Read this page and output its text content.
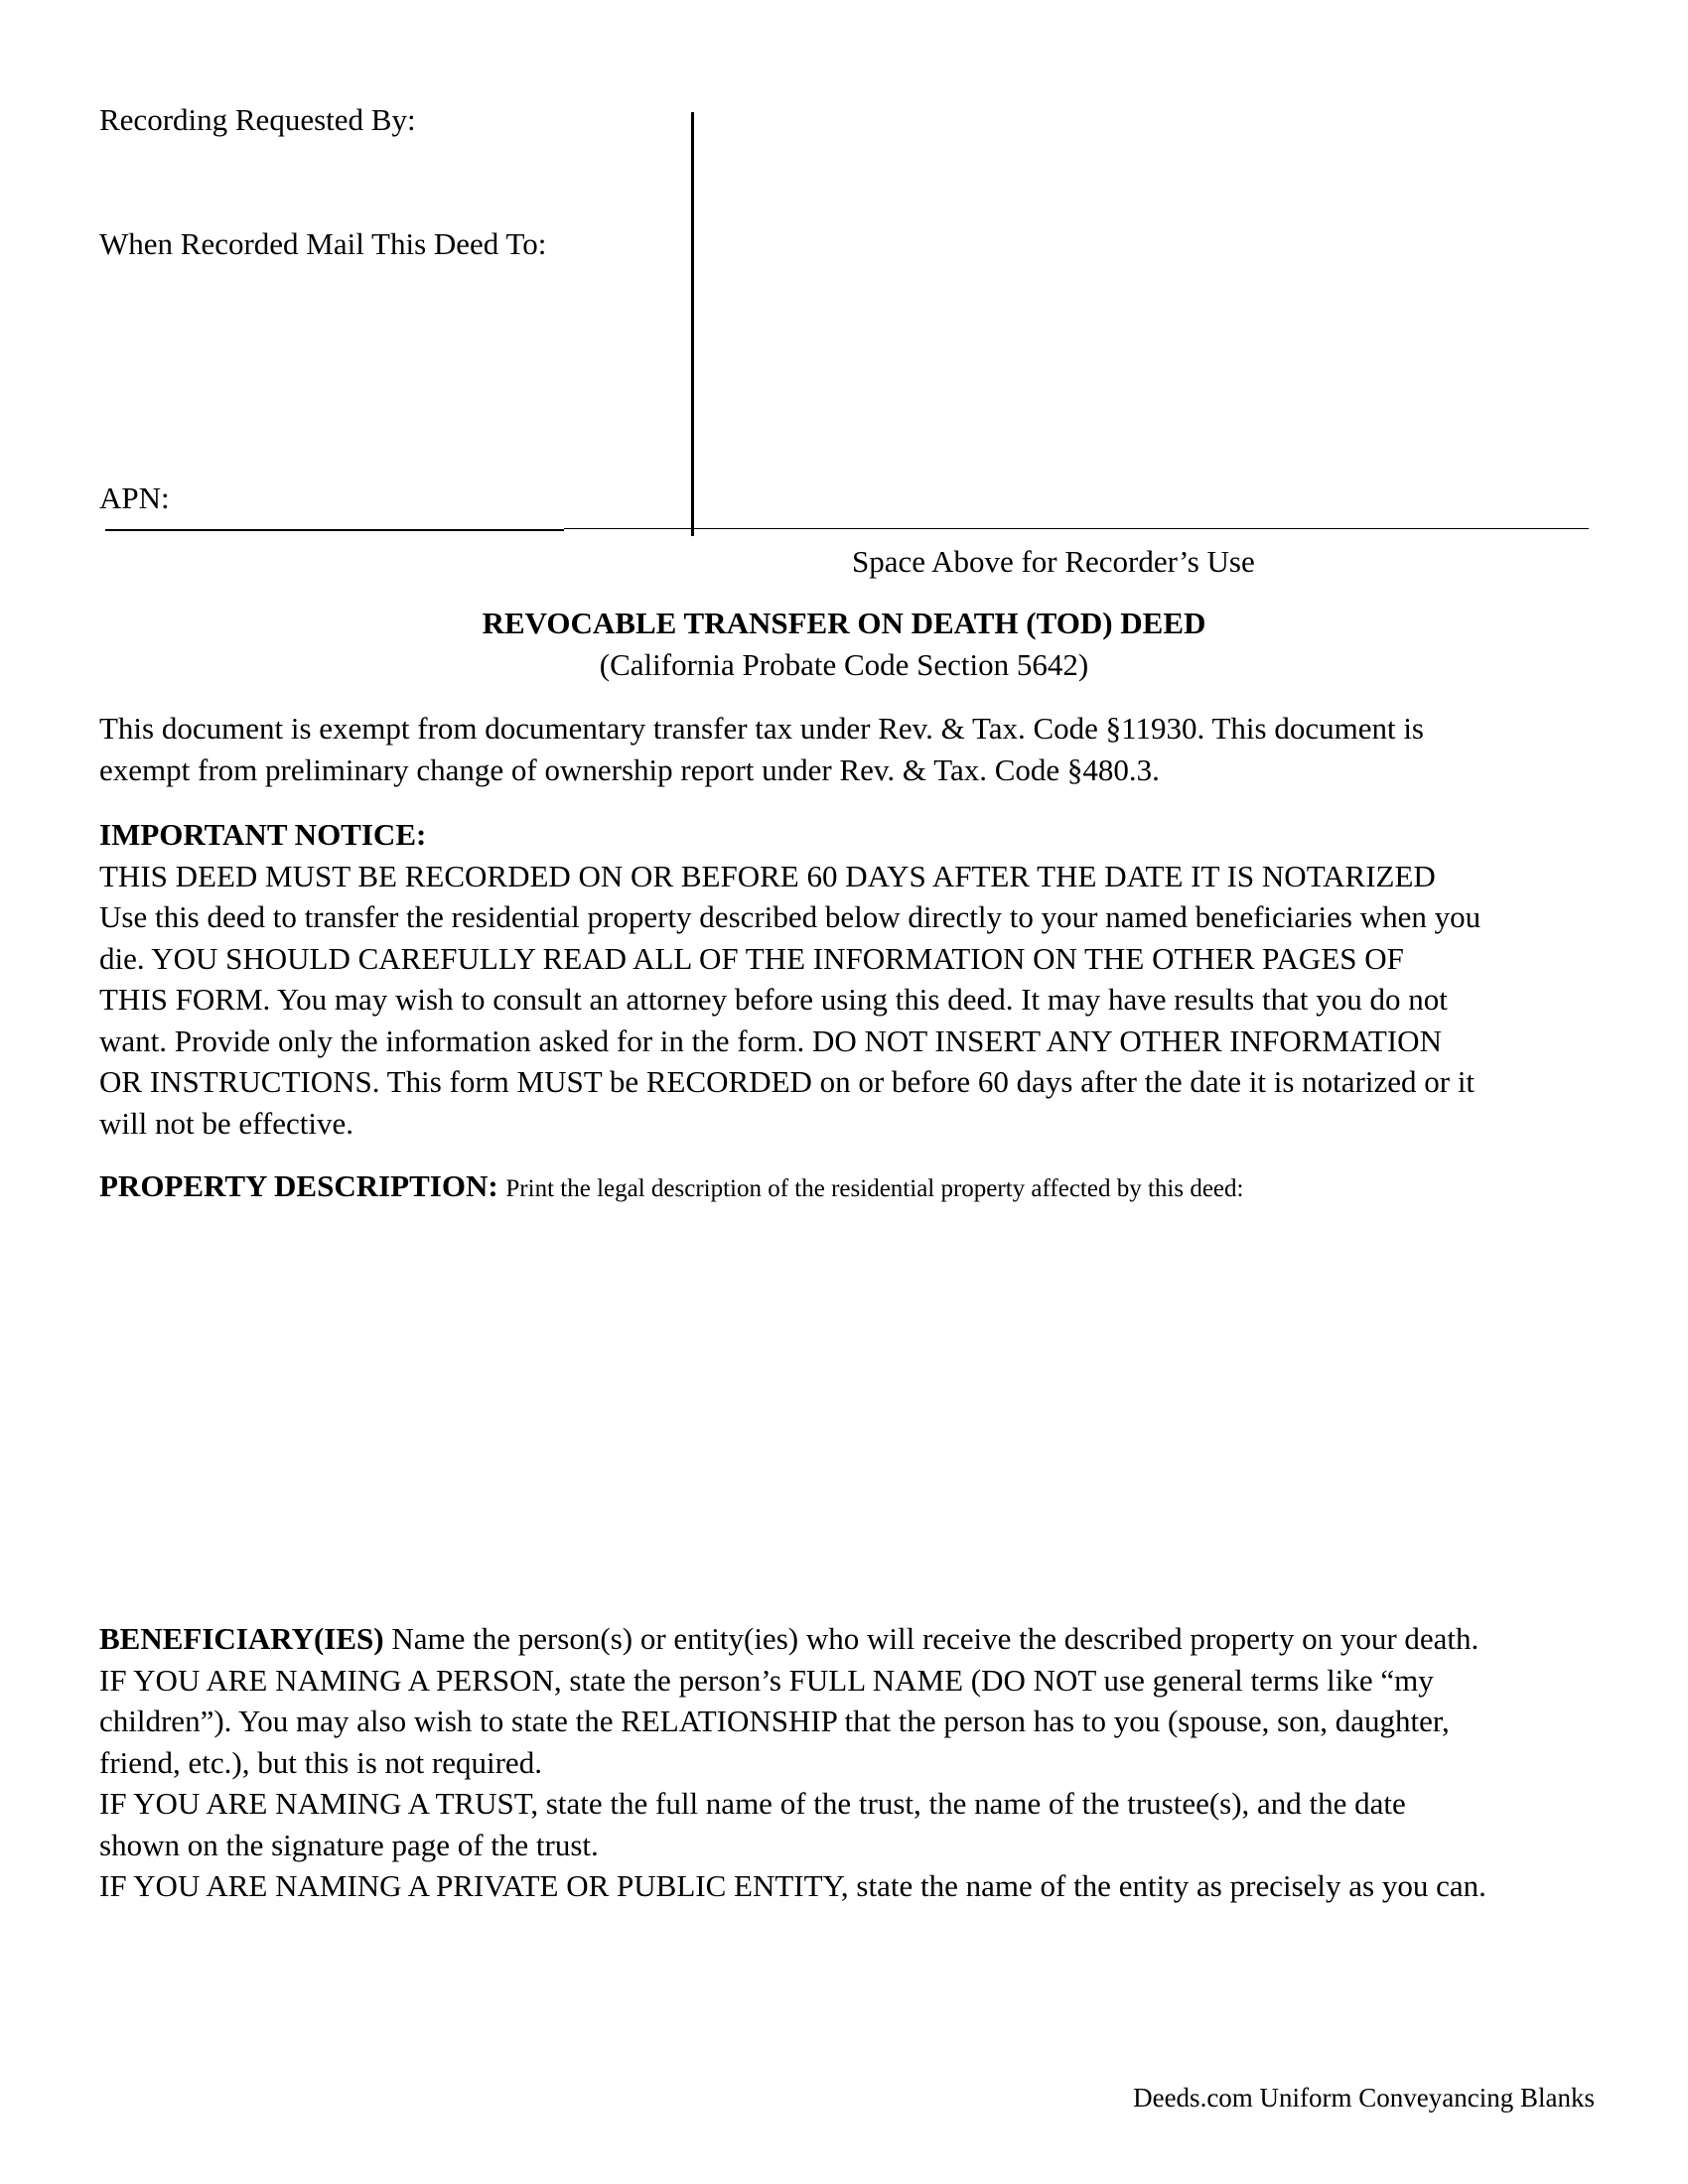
Recording Requested By:
When Recorded Mail This Deed To:
APN:
Space Above for Recorder’s Use
REVOCABLE TRANSFER ON DEATH (TOD) DEED
(California Probate Code Section 5642)
This document is exempt from documentary transfer tax under Rev. & Tax. Code §11930. This document is
exempt from preliminary change of ownership report under Rev. & Tax. Code §480.3.
IMPORTANT NOTICE:
THIS DEED MUST BE RECORDED ON OR BEFORE 60 DAYS AFTER THE DATE IT IS NOTARIZED
Use this deed to transfer the residential property described below directly to your named beneficiaries when you
die. YOU SHOULD CAREFULLY READ ALL OF THE INFORMATION ON THE OTHER PAGES OF
THIS FORM. You may wish to consult an attorney before using this deed. It may have results that you do not
want. Provide only the information asked for in the form. DO NOT INSERT ANY OTHER INFORMATION
OR INSTRUCTIONS. This form MUST be RECORDED on or before 60 days after the date it is notarized or it
will not be effective.
PROPERTY DESCRIPTION: Print the legal description of the residential property affected by this deed:
BENEFICIARY(IES) Name the person(s) or entity(ies) who will receive the described property on your death.
IF YOU ARE NAMING A PERSON, state the person’s FULL NAME (DO NOT use general terms like “my
children”). You may also wish to state the RELATIONSHIP that the person has to you (spouse, son, daughter,
friend, etc.), but this is not required.
IF YOU ARE NAMING A TRUST, state the full name of the trust, the name of the trustee(s), and the date
shown on the signature page of the trust.
IF YOU ARE NAMING A PRIVATE OR PUBLIC ENTITY, state the name of the entity as precisely as you can.
Deeds.com Uniform Conveyancing Blanks
